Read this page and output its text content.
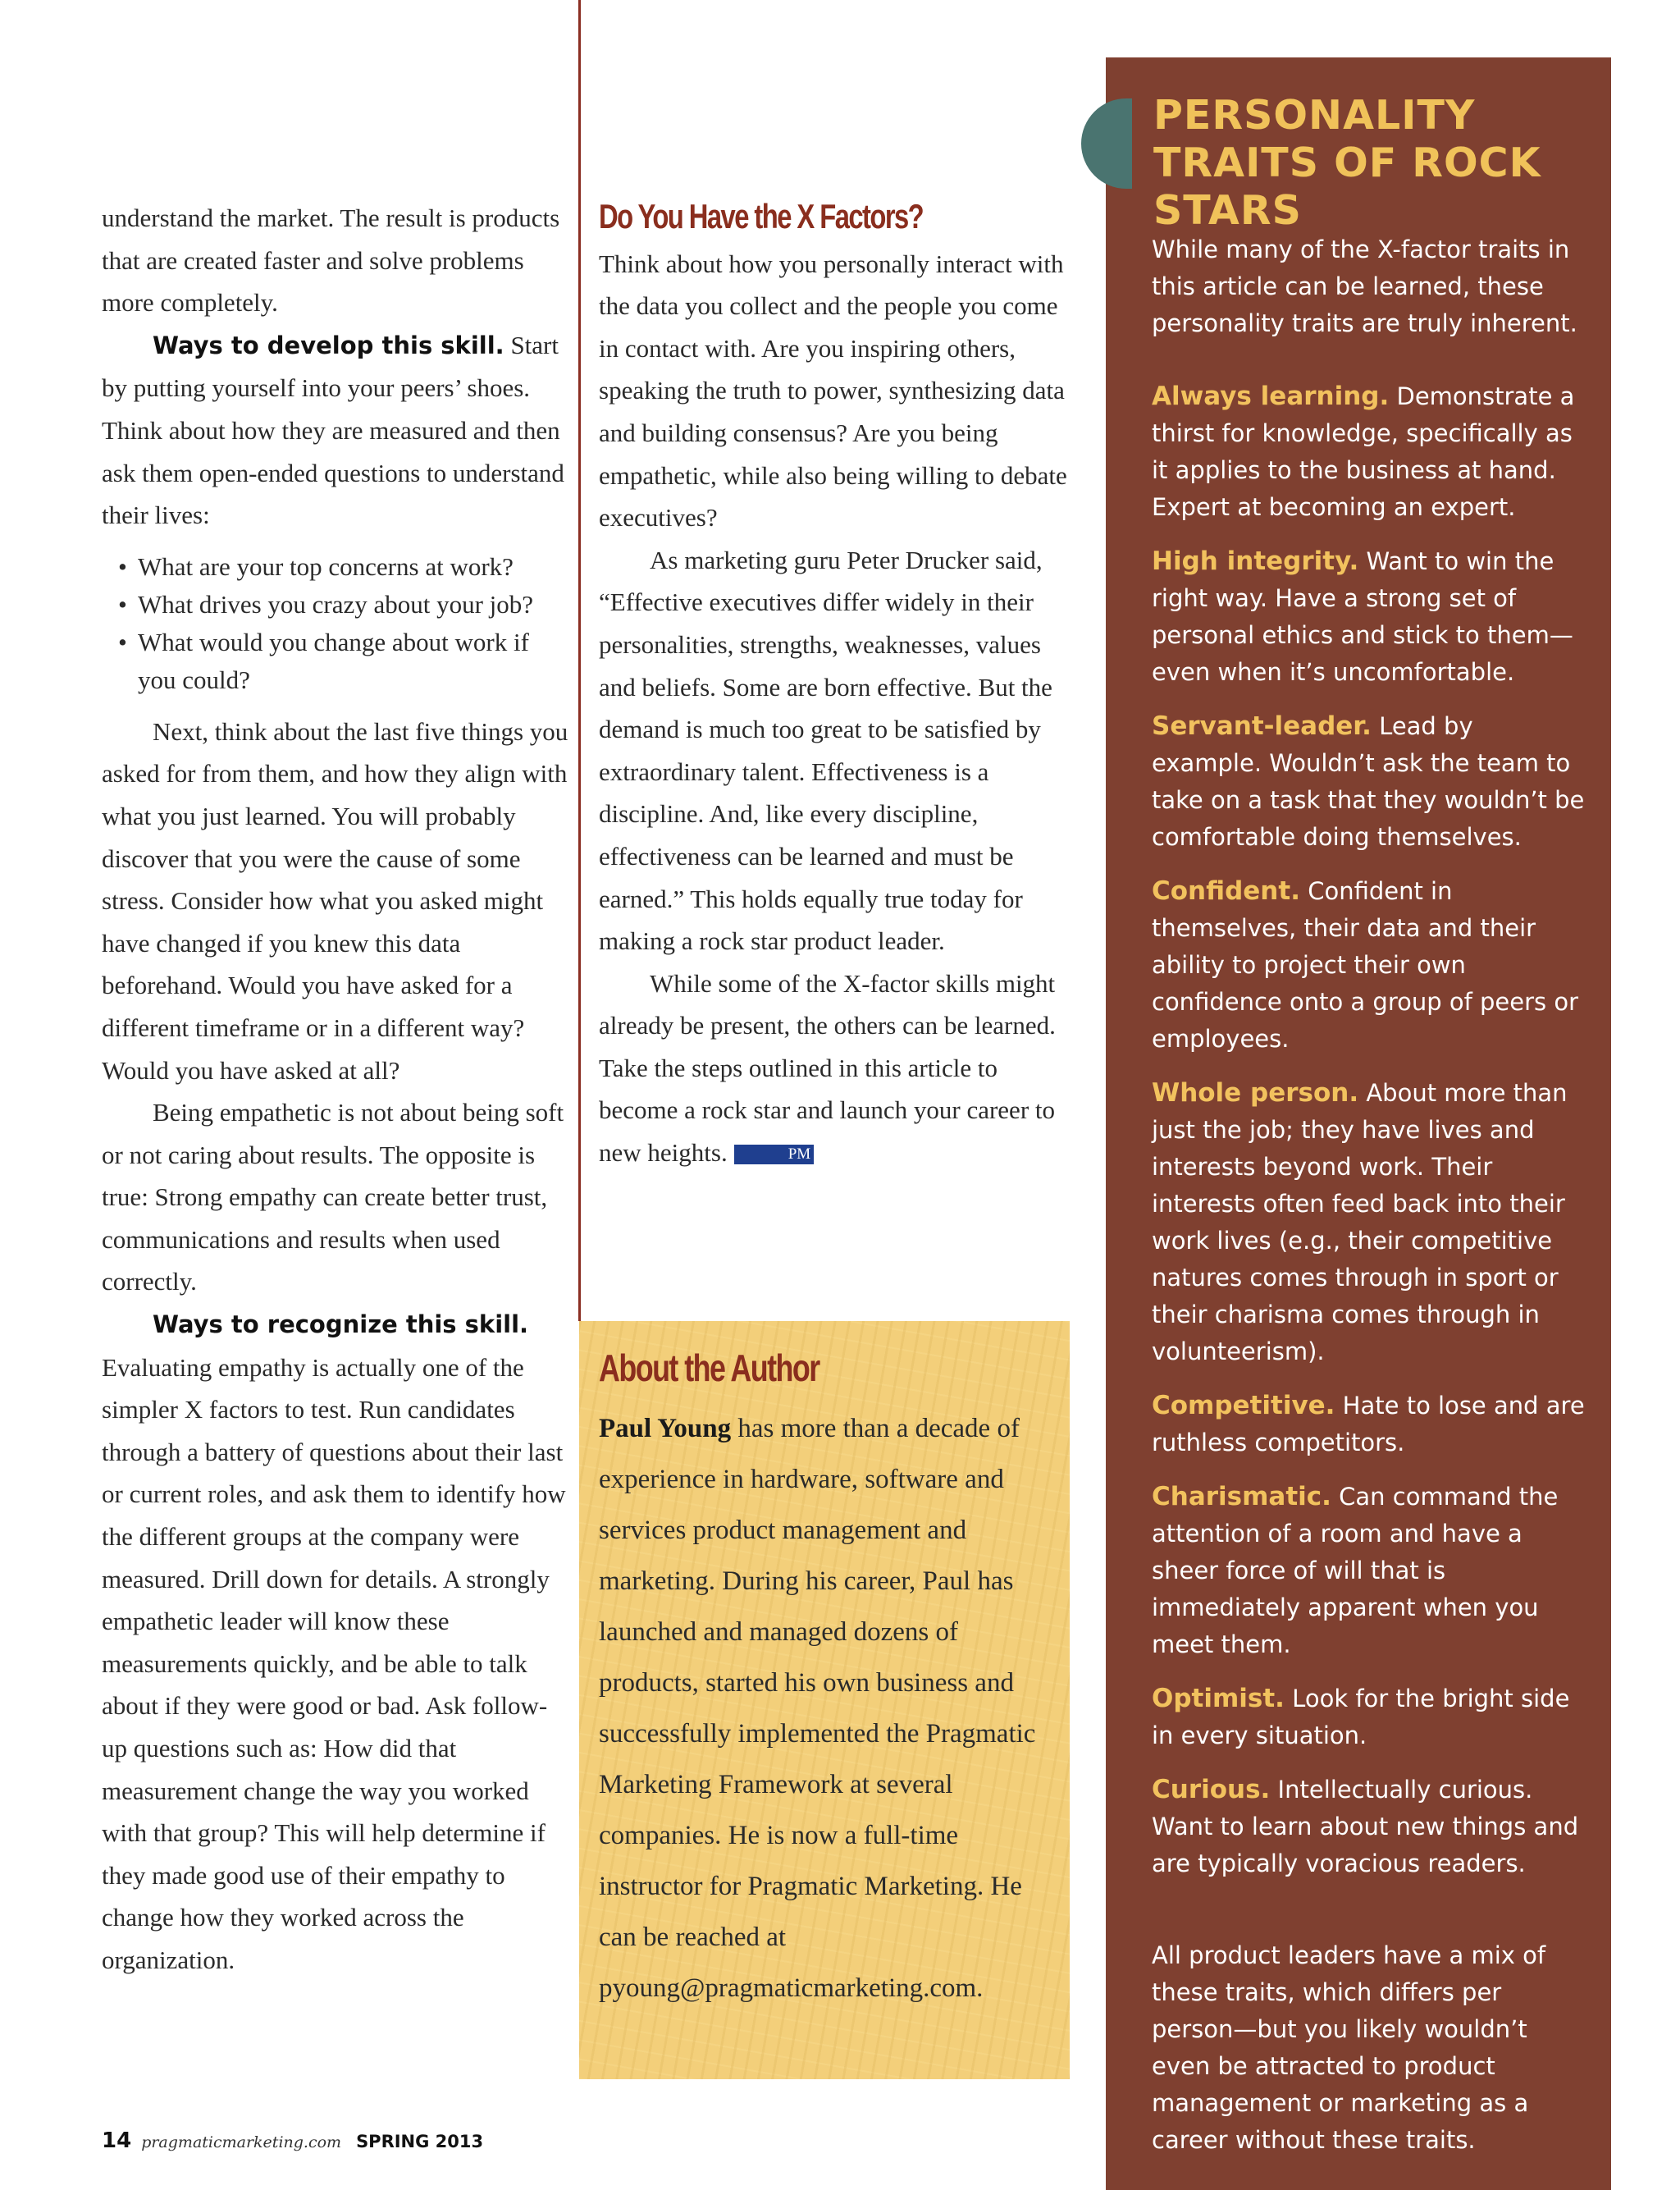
understand the market. The result is products that are created faster and solve problems more completely.

Ways to develop this skill. Start by putting yourself into your peers’ shoes. Think about how they are measured and then ask them open-ended questions to understand their lives:

• What are your top concerns at work?
• What drives you crazy about your job?
• What would you change about work if you could?

Next, think about the last five things you asked for from them, and how they align with what you just learned. You will probably discover that you were the cause of some stress. Consider how what you asked might have changed if you knew this data beforehand. Would you have asked for a different timeframe or in a different way? Would you have asked at all?

Being empathetic is not about being soft or not caring about results. The opposite is true: Strong empathy can create better trust, communications and results when used correctly.

Ways to recognize this skill. Evaluating empathy is actually one of the simpler X factors to test. Run candidates through a battery of questions about their last or current roles, and ask them to identify how the different groups at the company were measured. Drill down for details. A strongly empathetic leader will know these measurements quickly, and be able to talk about if they were good or bad. Ask follow-up questions such as: How did that measurement change the way you worked with that group? This will help determine if they made good use of their empathy to change how they worked across the organization.

Do You Have the X Factors?

Think about how you personally interact with the data you collect and the people you come in contact with. Are you inspiring others, speaking the truth to power, synthesizing data and building consensus? Are you being empathetic, while also being willing to debate executives?

As marketing guru Peter Drucker said, “Effective executives differ widely in their personalities, strengths, weaknesses, values and beliefs. Some are born effective. But the demand is much too great to be satisfied by extraordinary talent. Effectiveness is a discipline. And, like every discipline, effectiveness can be learned and must be earned.” This holds equally true today for making a rock star product leader.

While some of the X-factor skills might already be present, the others can be learned. Take the steps outlined in this article to become a rock star and launch your career to new heights.	PM

About the Author

Paul Young has more than a decade of experience in hardware, software and services product management and marketing. During his career, Paul has launched and managed dozens of products, started his own business and successfully implemented the Pragmatic Marketing Framework at several companies. He is now a full-time instructor for Pragmatic Marketing. He can be reached at pyoung@pragmaticmarketing.com.

PERSONALITY TRAITS OF ROCK STARS

While many of the X-factor traits in this article can be learned, these personality traits are truly inherent.

Always learning. Demonstrate a thirst for knowledge, specifically as it applies to the business at hand. Expert at becoming an expert.

High integrity. Want to win the right way. Have a strong set of personal ethics and stick to them—even when it’s uncomfortable.

Servant-leader. Lead by example. Wouldn’t ask the team to take on a task that they wouldn’t be comfortable doing themselves.

Confident. Confident in themselves, their data and their ability to project their own confidence onto a group of peers or employees.

Whole person. About more than just the job; they have lives and interests beyond work. Their interests often feed back into their work lives (e.g., their competitive natures comes through in sport or their charisma comes through in volunteerism).

Competitive. Hate to lose and are ruthless competitors.

Charismatic. Can command the attention of a room and have a sheer force of will that is immediately apparent when you meet them.

Optimist. Look for the bright side in every situation.

Curious. Intellectually curious. Want to learn about new things and are typically voracious readers.

All product leaders have a mix of these traits, which differs per person—but you likely wouldn’t even be attracted to product management or marketing as a career without these traits.

14 pragmaticmarketing.com SPRING 2013
